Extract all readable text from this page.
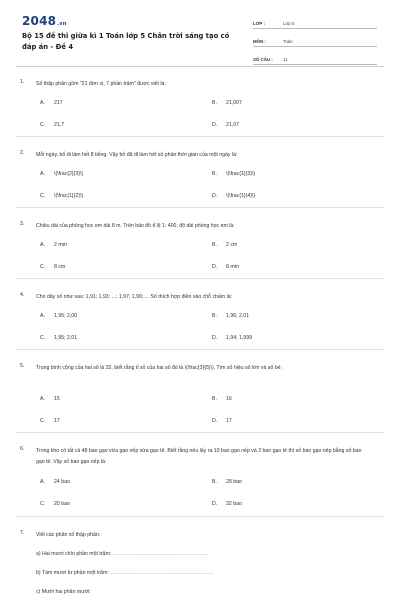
2048.vn
Bộ 15 đề thi giữa kì 1 Toán lớp 5 Chân trời sáng tạo có đáp án - Đề 4
LỚP :	Lớp 5
MÔN :	Toán
SỐ CÂU :	11
1. Số thập phân gồm "21 đơn vị, 7 phần trăm" được viết là:
A. 217	B. 21,007
C. 21,7	D. 21,07
2. Mỗi ngày, bố đi làm hết 8 tiếng. Vậy bố đã đi làm hết số phần thời gian của một ngày là:
A. \(\frac{2}{3}\)	B. \(\frac{1}{3}\)
C. \(\frac{1}{2}\)	D. \(\frac{1}{4}\)
3. Chiều dài của phòng học em dài 8 m. Trên bản đồ tỉ lệ 1: 400, độ dài phòng học em là:
A. 2 mm	B. 2 cm
C. 8 cm	D. 8 mm
4. Cho dãy số như sau: 1,91; 1,93; ...; 1,97; 1,99;.... Số thích hợp điền vào chỗ chấm là:
A. 1,95; 2,00	B. 1,96; 2,01
C. 1,95; 2,01	D. 1,94; 1,999
5. Trung bình cộng của hai số là 32, biết rằng tỉ số của hai số đó là \(\frac{3}{5}\). Tìm số hiệu số lớn và số bé:
A. 15	B. 16
C. 17	D. 17
6. Trong kho có tất cả 48 bao gạo vừa gạo nếp vừa gạo tẻ. Biết rằng nếu lấy ra 10 bao gạo nếp và 2 bao gạo tẻ thì số bao gạo nếp bằng số bao gạo tẻ. Vậy số bao gạo nếp là:
A. 24 bao	B. 28 bao
C. 20 bao	D. 32 bao
7. Viết các phân số thập phân:
a) Hai mươi chín phần một trăm: ..........................................................
b) Tám mươi tư phần một trăm: ...............................................................
c) Mười hai phần mười:
